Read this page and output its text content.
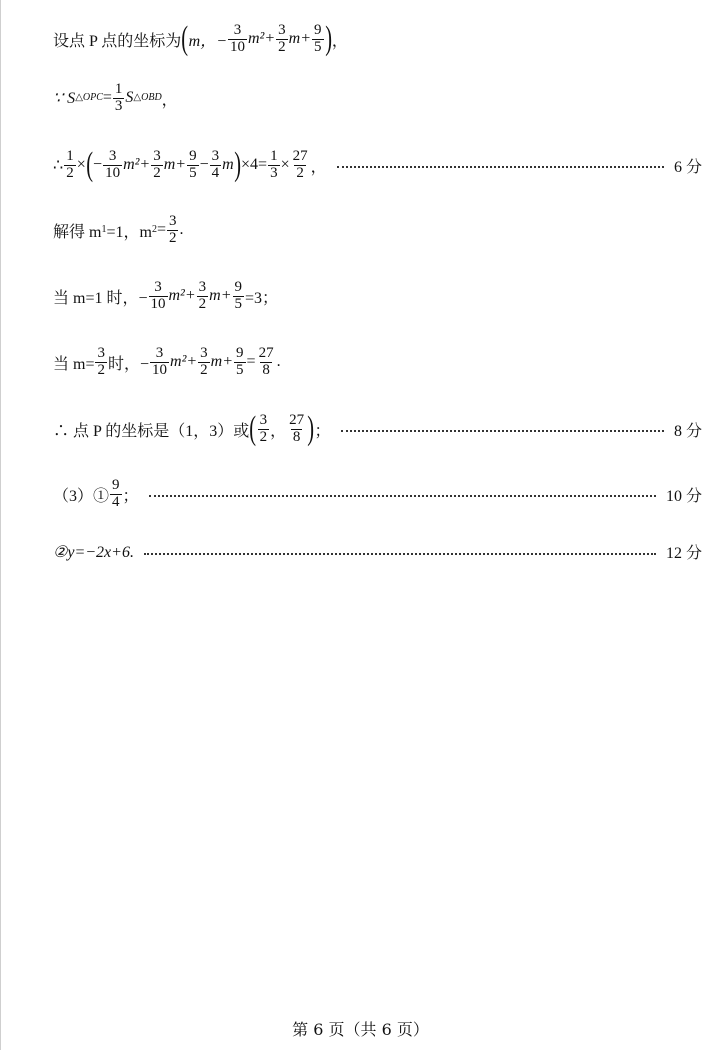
设点 P 点的坐标为 ( m，− $\frac{3}{10} m^2+ \frac{3}{2} m+ \frac{9}{5}$ ) ，
∵ S △OPC = $\frac{1}{3}$ S △OBD ，
∴ $\frac{1}{2}$ × ( − $\frac{3}{10} m^2+ \frac{3}{2} m+ \frac{9}{5} - \frac{3}{4}$ m ) $\times 4= \frac{1}{3} \times \frac{27}{2}$ ，	6 分
解得 m 1 =1，m $2 = \frac{3}{2}$ .
当 m=1 时，− $\frac{3}{10} m^2+ \frac{3}{2} m+ \frac{9}{5} =3$；
当 $m= \frac{3}{2}$ 时，− $\frac{3}{10} m^2+ \frac{3}{2} m+ \frac{9}{5} = \frac{27}{8}$ .
∴ 点 P 的坐标是（1，3）或 ( $\frac{3}{2}$ ， $\frac{27}{8}$ ) ；	8 分
（3）① $\frac{9}{4}$ ；	10 分
②y=−2x+6.	12 分
第 6 页（共 6 页）
